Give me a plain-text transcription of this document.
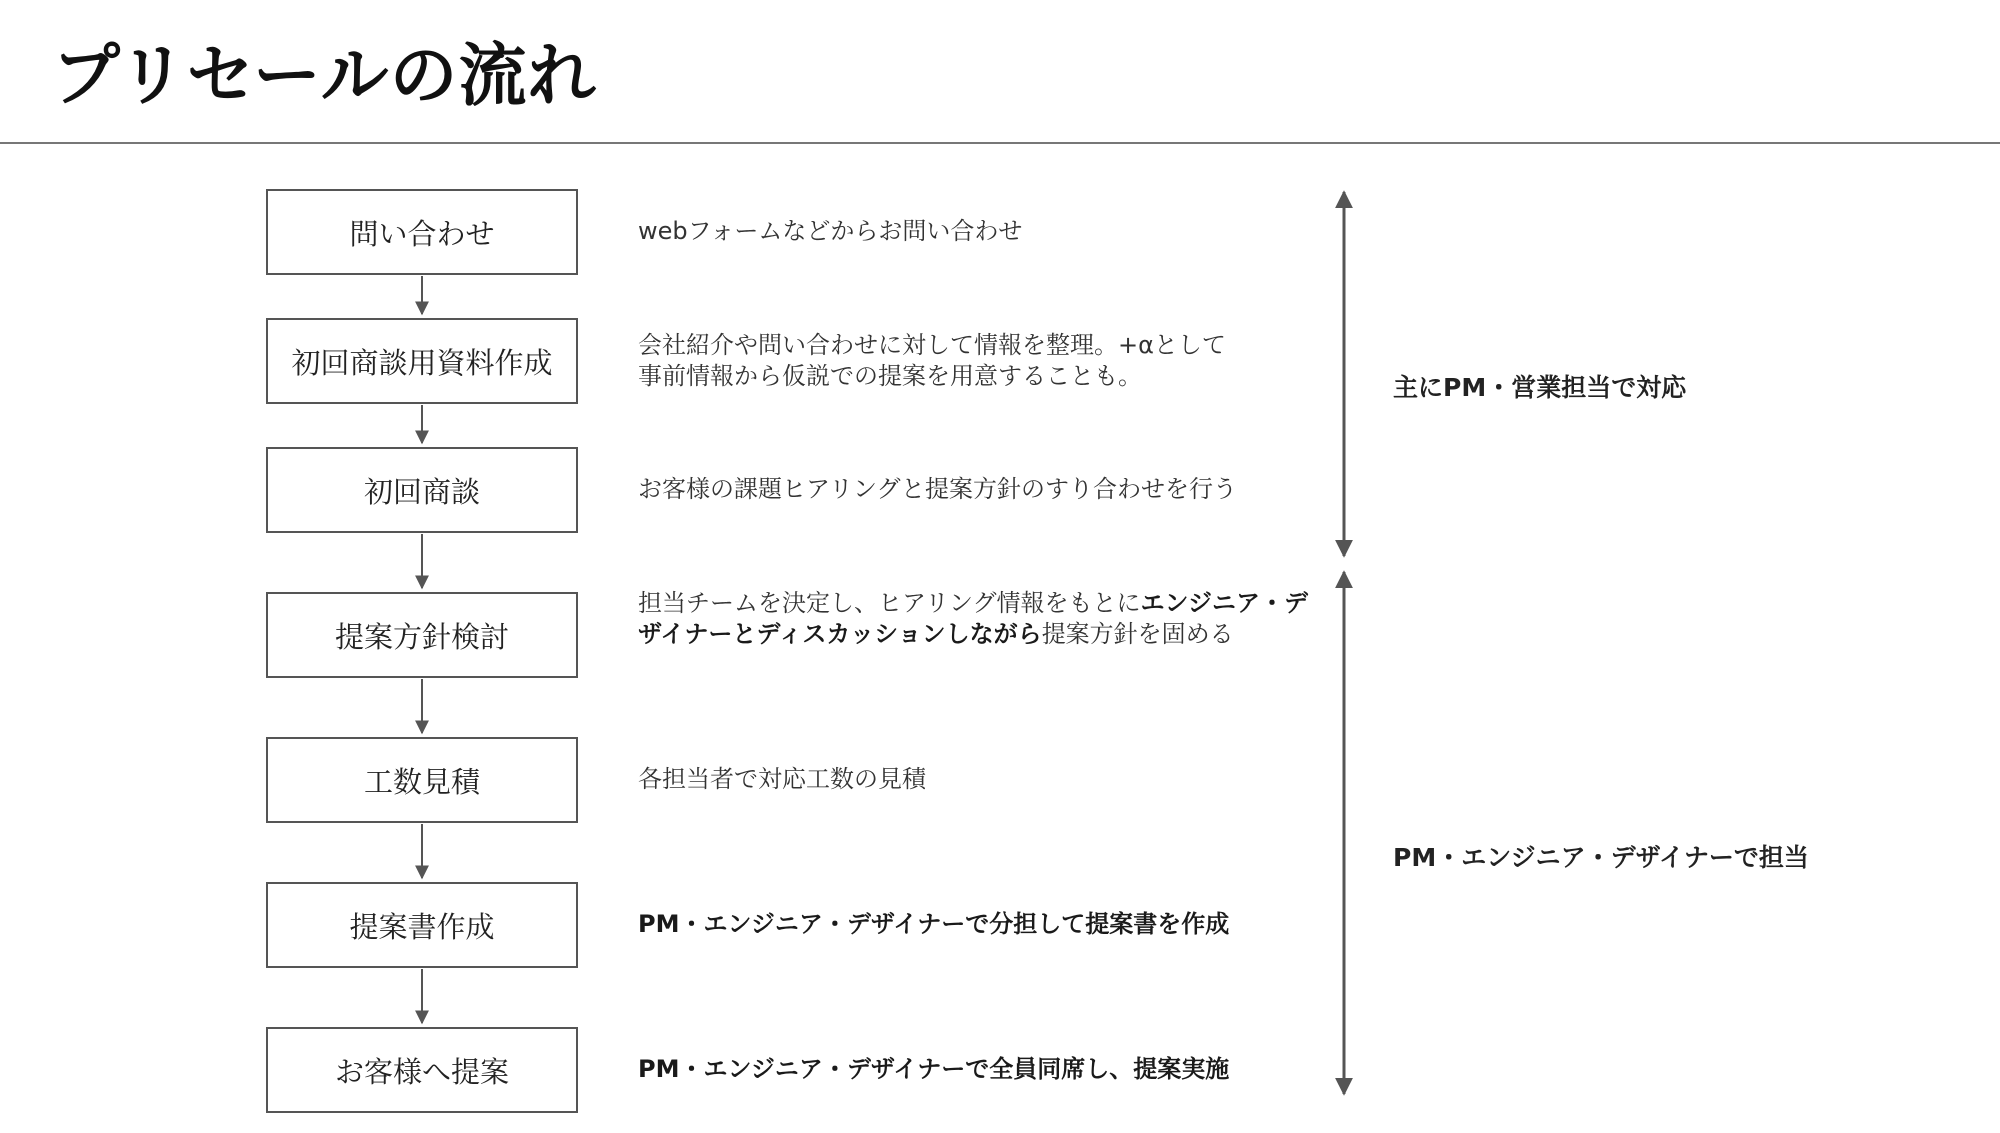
プリセールの流れ
問い合わせ
初回商談用資料作成
初回商談
提案方針検討
工数見積
提案書作成
お客様へ提案
webフォームなどからお問い合わせ
会社紹介や問い合わせに対して情報を整理。+αとして
事前情報から仮説での提案を用意することも。
お客様の課題ヒアリングと提案方針のすり合わせを行う
担当チームを決定し、ヒアリング情報をもとにエンジニア・デザイナーとディスカッションしながら提案方針を固める
各担当者で対応工数の見積
PM・エンジニア・デザイナーで分担して提案書を作成
PM・エンジニア・デザイナーで全員同席し、提案実施
主にPM・営業担当で対応
PM・エンジニア・デザイナーで担当
